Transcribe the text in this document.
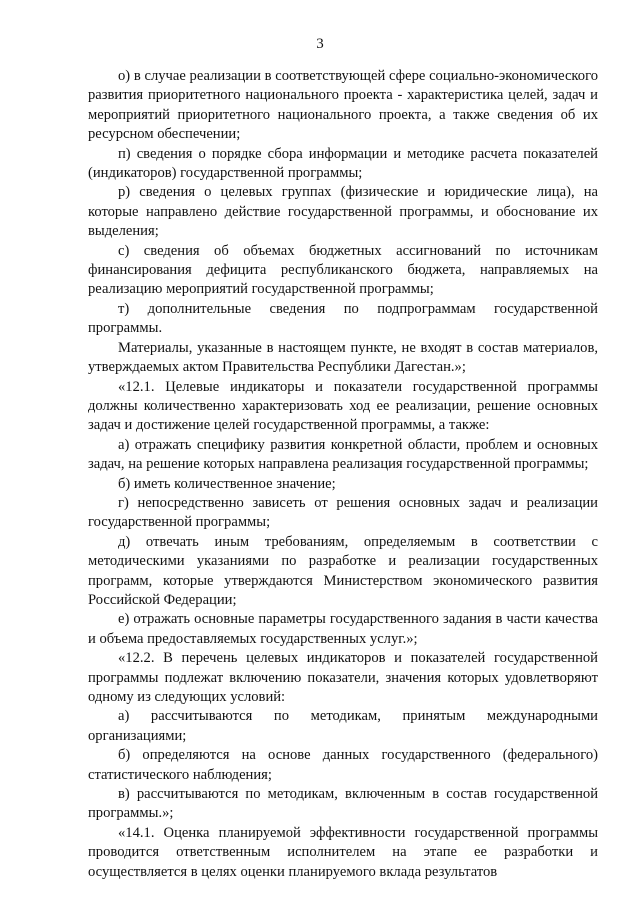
3

о) в случае реализации в соответствующей сфере социально-экономического развития приоритетного национального проекта - характеристика целей, задач и мероприятий приоритетного национального проекта, а также сведения об их ресурсном обеспечении;

п) сведения о порядке сбора информации и методике расчета показателей (индикаторов) государственной программы;

р) сведения о целевых группах (физические и юридические лица), на которые направлено действие государственной программы, и обоснование их выделения;

с) сведения об объемах бюджетных ассигнований по источникам финансирования дефицита республиканского бюджета, направляемых на реализацию мероприятий государственной программы;

т) дополнительные сведения по подпрограммам государственной программы.

Материалы, указанные в настоящем пункте, не входят в состав материалов, утверждаемых актом Правительства Республики Дагестан.»;

«12.1. Целевые индикаторы и показатели государственной программы должны количественно характеризовать ход ее реализации, решение основных задач и достижение целей государственной программы, а также:

а) отражать специфику развития конкретной области, проблем и основных задач, на решение которых направлена реализация государственной программы;

б) иметь количественное значение;

г) непосредственно зависеть от решения основных задач и реализации государственной программы;

д) отвечать иным требованиям, определяемым в соответствии с методическими указаниями по разработке и реализации государственных программ, которые утверждаются Министерством экономического развития Российской Федерации;

е) отражать основные параметры государственного задания в части качества и объема предоставляемых государственных услуг.»;

«12.2. В перечень целевых индикаторов и показателей государственной программы подлежат включению показатели, значения которых удовлетворяют одному из следующих условий:

а) рассчитываются по методикам, принятым международными организациями;

б) определяются на основе данных государственного (федерального) статистического наблюдения;

в) рассчитываются по методикам, включенным в состав государственной программы.»;

«14.1. Оценка планируемой эффективности государственной программы проводится ответственным исполнителем на этапе ее разработки и осуществляется в целях оценки планируемого вклада результатов
